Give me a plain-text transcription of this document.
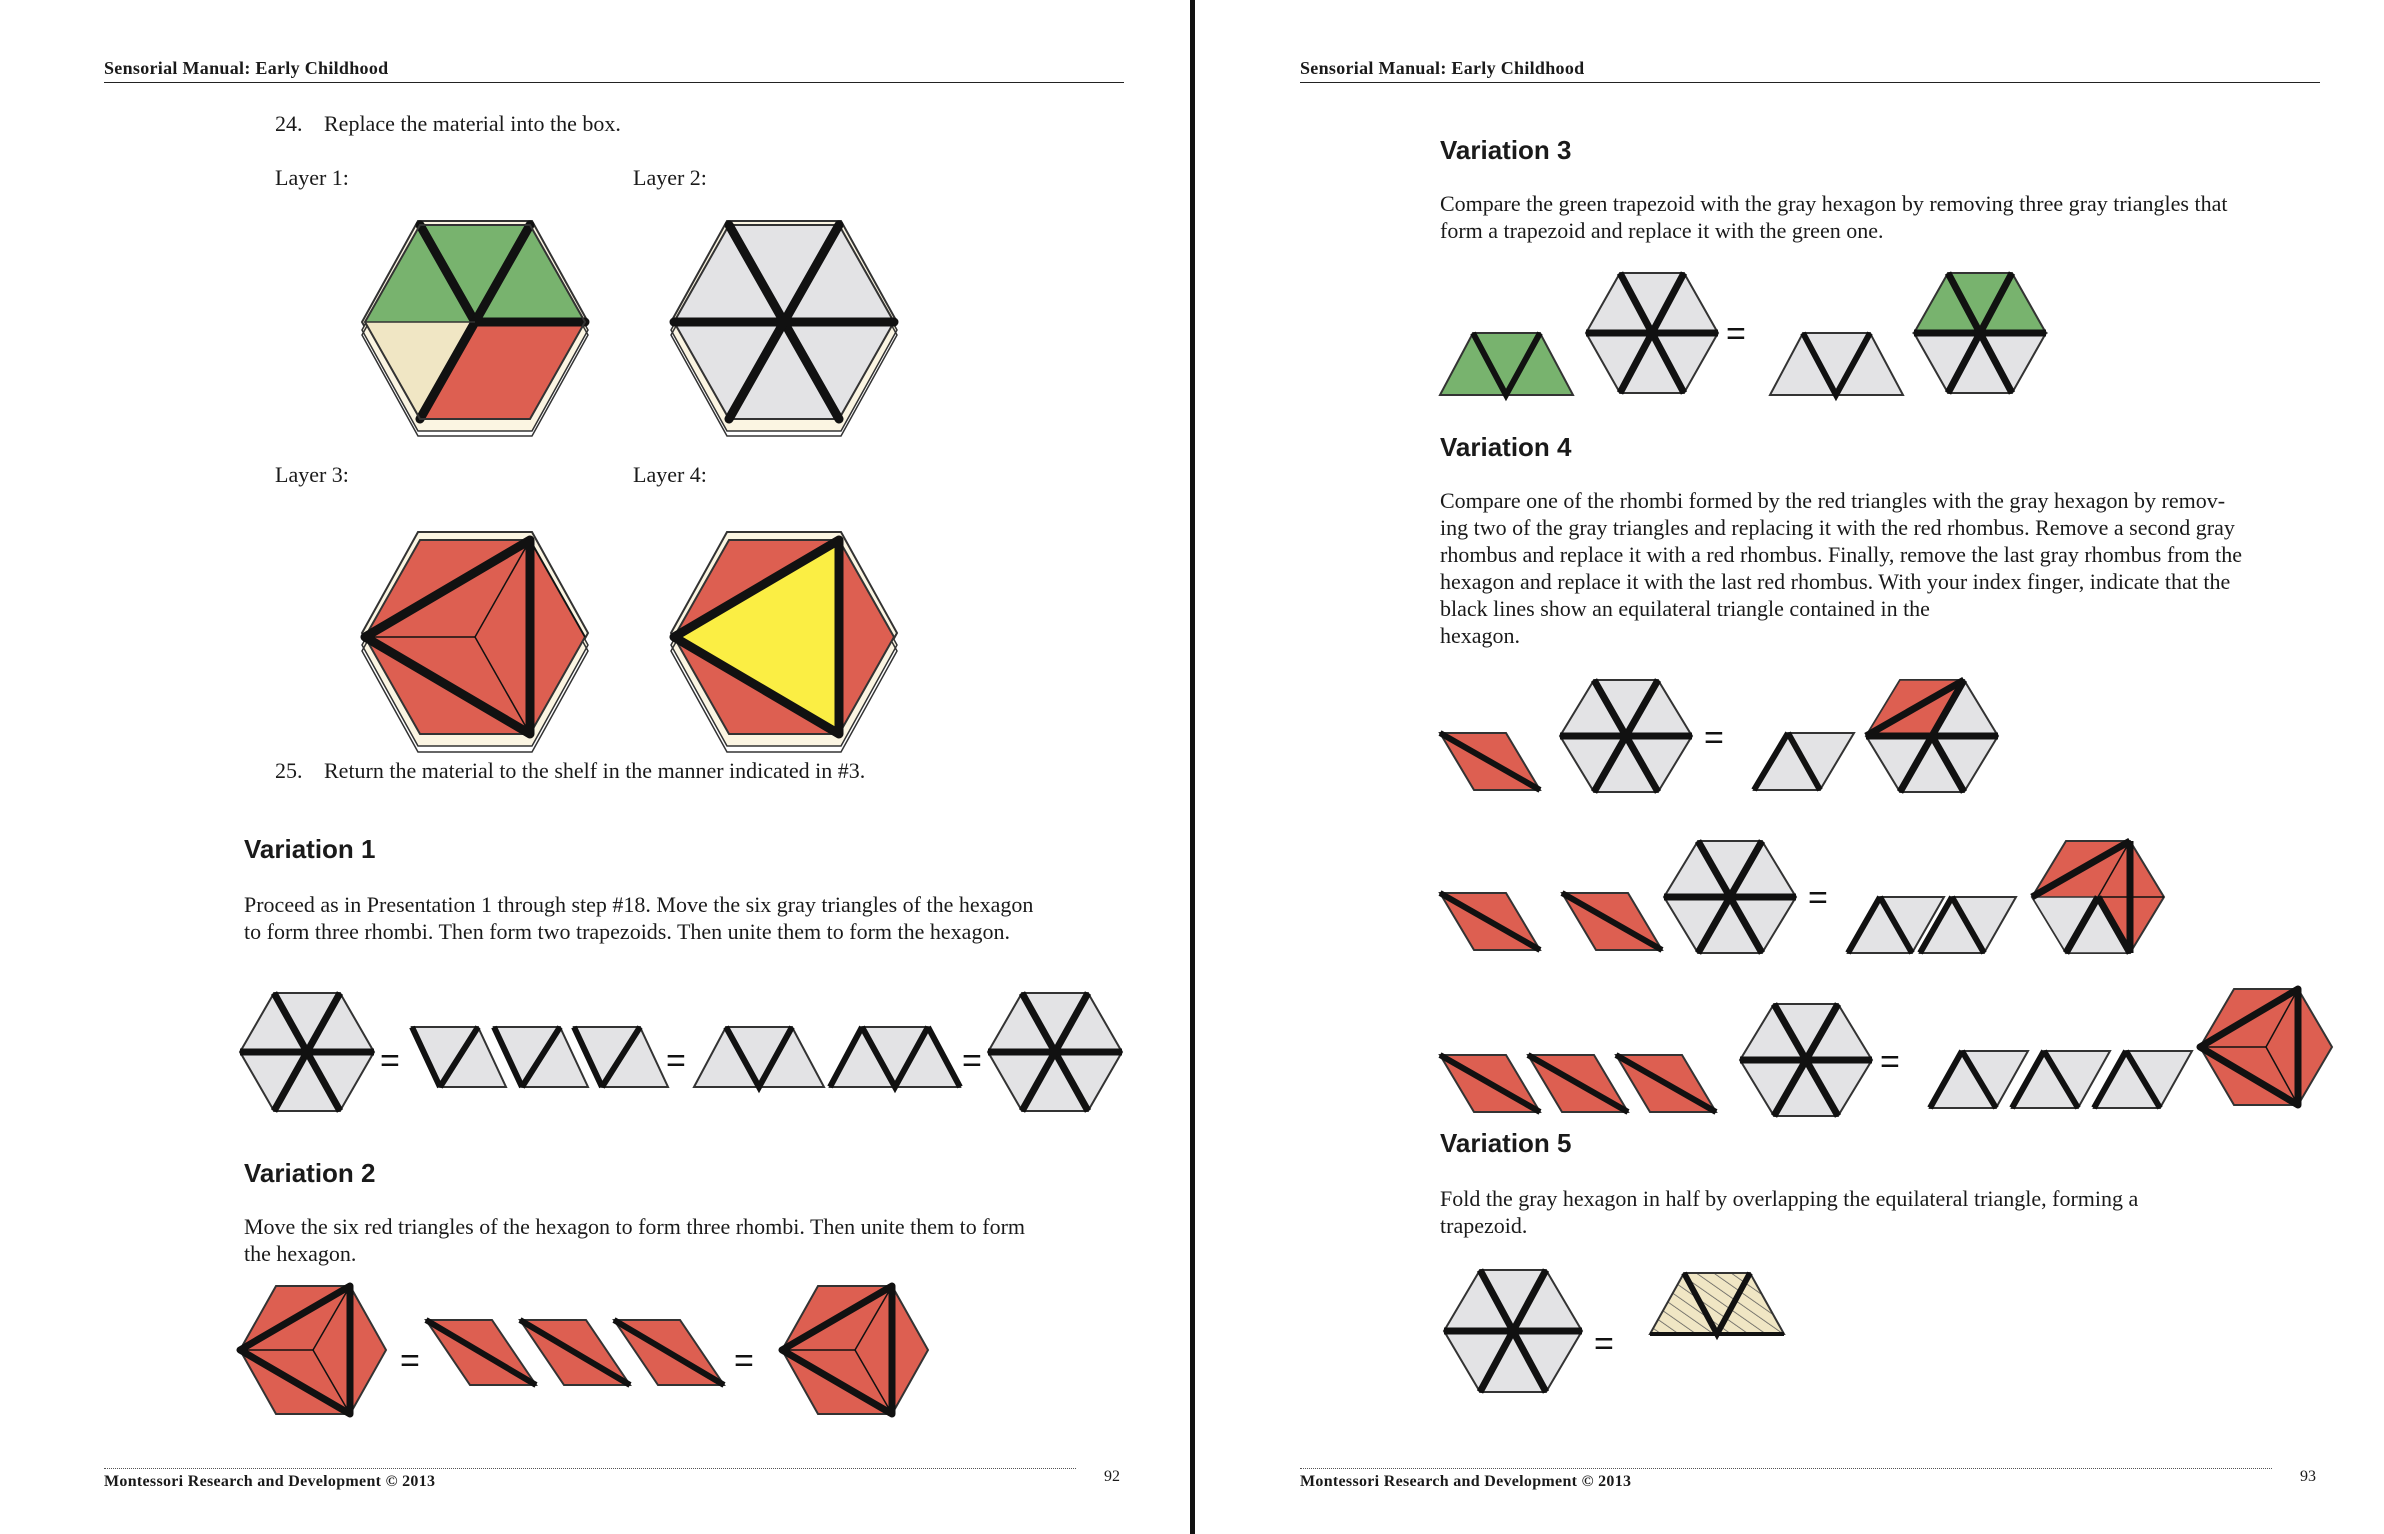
Sensorial Manual: Early Childhood
24. Replace the material into the box.
Layer 1:	Layer 2:
Layer 3:	Layer 4:
25. Return the material to the shelf in the manner indicated in #3.
Variation 1
Proceed as in Presentation 1 through step #18. Move the six gray triangles of the hexagon
to form three rhombi. Then form two trapezoids. Then unite them to form the hexagon.
=	=	=
Variation 2
Move the six red triangles of the hexagon to form three rhombi. Then unite them to form
the hexagon.
=	=
Montessori Research and Development © 2013	92
Sensorial Manual: Early Childhood
Variation 3
Compare the green trapezoid with the gray hexagon by removing three gray triangles that
form a trapezoid and replace it with the green one.
=
Variation 4
Compare one of the rhombi formed by the red triangles with the gray hexagon by remov-
ing two of the gray triangles and replacing it with the red rhombus. Remove a second gray
rhombus and replace it with a red rhombus. Finally, remove the last gray rhombus from the
hexagon and replace it with the last red rhombus. With your index finger, indicate that the
black lines show an equilateral triangle contained in the
hexagon.
=
=
=
Variation 5
Fold the gray hexagon in half by overlapping the equilateral triangle, forming a
trapezoid.
=
Montessori Research and Development © 2013	93
